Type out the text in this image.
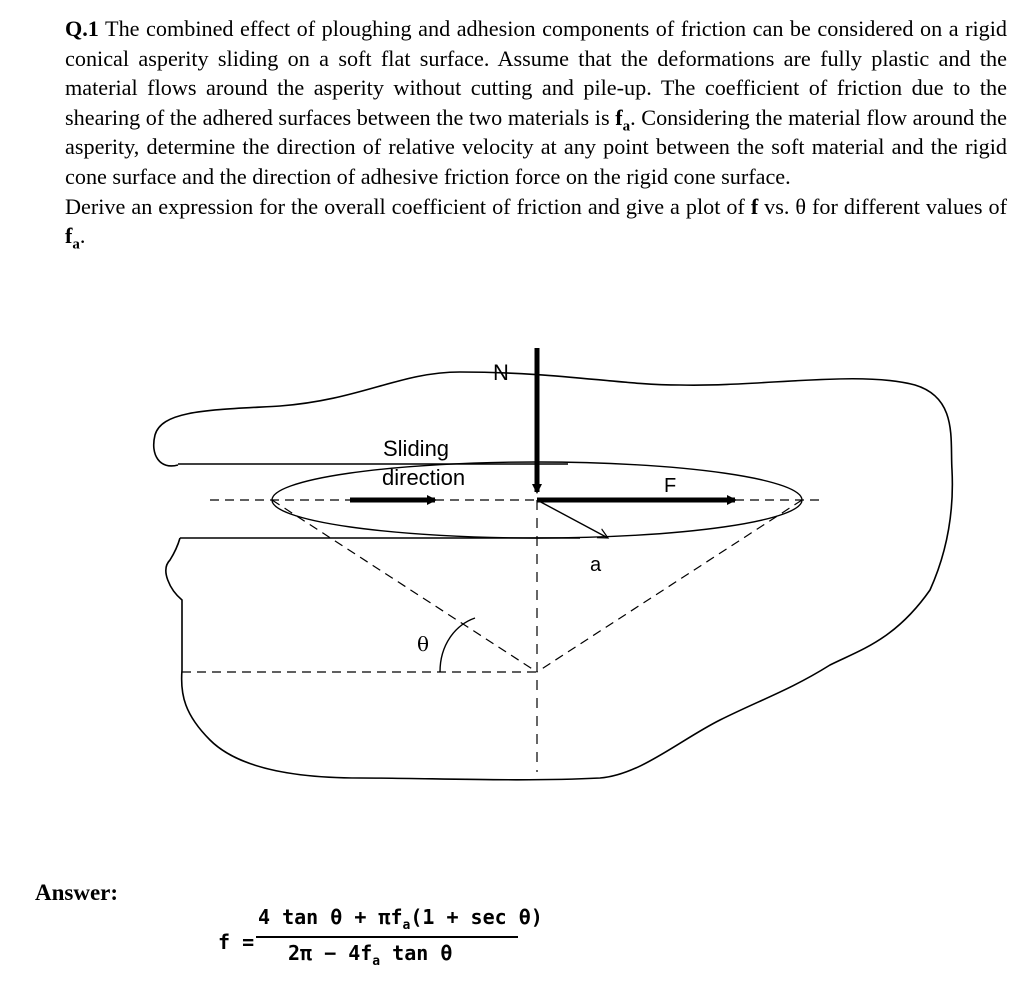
Q.1 The combined effect of ploughing and adhesion components of friction can be considered on a rigid conical asperity sliding on a soft flat surface. Assume that the deformations are fully plastic and the material flows around the asperity without cutting and pile-up. The coefficient of friction due to the shearing of the adhered surfaces between the two materials is $f_a$. Considering the material flow around the asperity, determine the direction of relative velocity at any point between the soft material and the rigid cone surface and the direction of adhesive friction force on the rigid cone surface.

Derive an expression for the overall coefficient of friction and give a plot of f vs. θ for different values of $f_a$.

N
Sliding
direction	F
a
θ
Answer:
f =
4 $\tan \theta + \pi f_a(1 + \sec \theta)$
$2\pi - 4f_a$ tan θ
